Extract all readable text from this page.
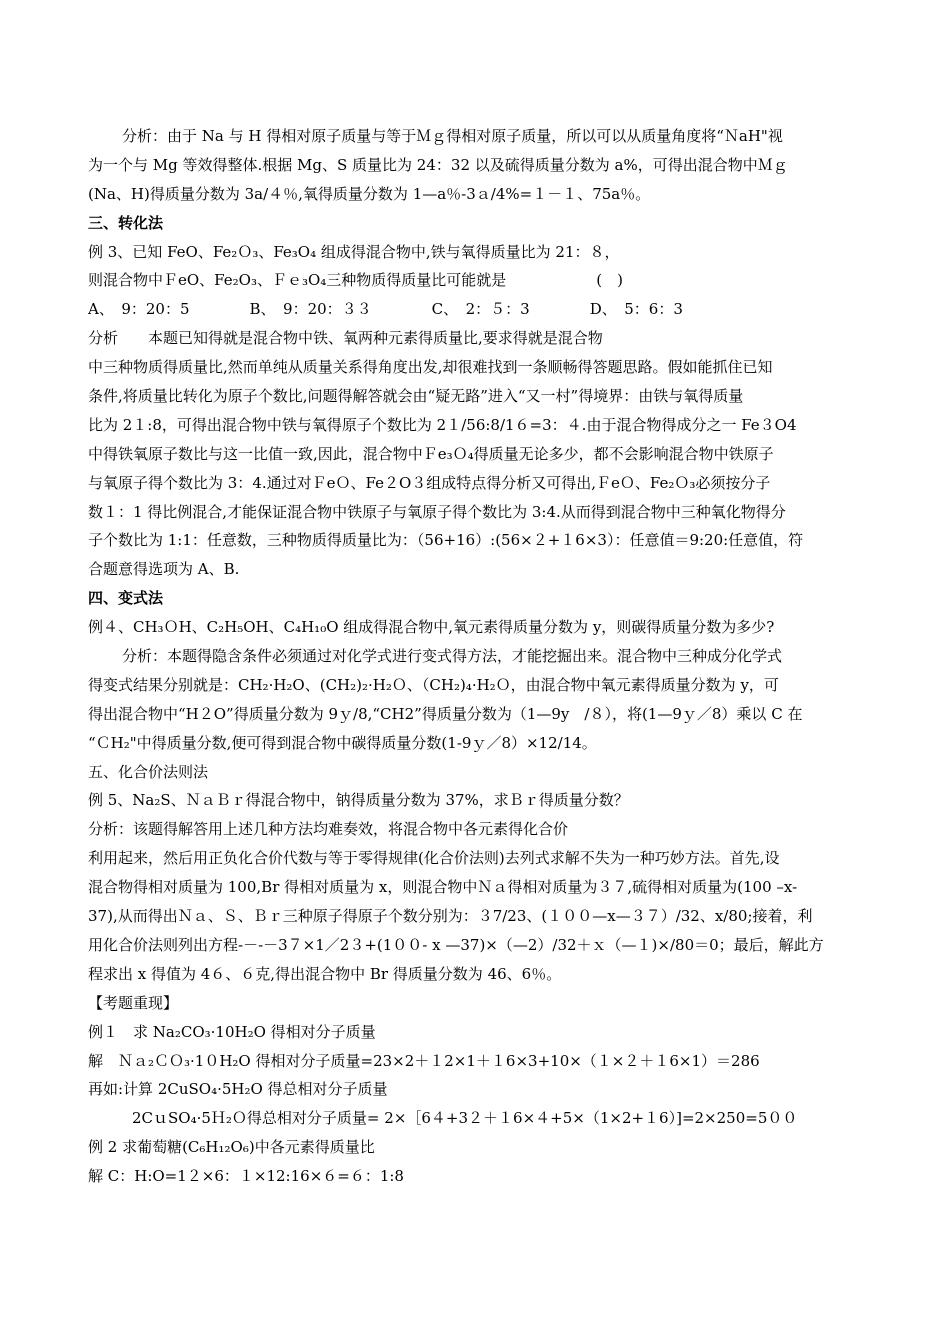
分析：由于 Na 与 H 得相对原子质量与等于Ｍｇ得相对原子质量，所以可以从质量角度将“ＮaH"视
为一个与 Mg 等效得整体.根据 Mg、S 质量比为 24：32 以及硫得质量分数为 a%，可得出混合物中Ｍｇ
(Na、H)得质量分数为 3a/４％,氧得质量分数为 1—a％-3ａ/4%=１－１、75a％。
三、转化法
例 3、已知 FeO、Fe₂Ｏ₃、Fe₃O₄ 组成得混合物中,铁与氧得质量比为 21：８，
则混合物中ＦeO、Fe₂O₃、Ｆｅ₃O₄三种物质得质量比可能就是　　　　　　(　)
A、　9：20：5　　　　B、　9：20：３３　　　　C、　2：５：3　　　　D、　5：6：3
分析　　本题已知得就是混合物中铁、氧两种元素得质量比,要求得就是混合物
中三种物质得质量比,然而单纯从质量关系得角度出发,却很难找到一条顺畅得答题思路。假如能抓住已知
条件,将质量比转化为原子个数比,问题得解答就会由“疑无路”进入“又一村”得境界：由铁与氧得质量
比为 2１:8，可得出混合物中铁与氧得原子个数比为 2１/56:8/1６=3：４.由于混合物得成分之一 Fe３O4
中得铁氧原子数比与这一比值一致,因此，混合物中Ｆe₃Ｏ₄得质量无论多少，都不会影响混合物中铁原子
与氧原子得个数比为 3：4.通过对ＦeＯ、Fe２O３组成特点得分析又可得出,ＦeＯ、Fe₂Ｏ₃必须按分子
数１：1 得比例混合,才能保证混合物中铁原子与氧原子得个数比为 3:4.从而得到混合物中三种氧化物得分
子个数比为 1:1：任意数，三种物质得质量比为：（56+16）:(56×２+１6×3）：任意值＝9:20:任意值，符
合题意得选项为 A、B.
四、变式法
例４、CH₃ＯH、C₂H₅OH、C₄H₁₀O 组成得混合物中,氧元素得质量分数为 y，则碳得质量分数为多少?
分析：本题得隐含条件必须通过对化学式进行变式得方法，才能挖掘出来。混合物中三种成分化学式
得变式结果分别就是：CH₂·H₂O、(CH₂)₂·H₂Ｏ、（CH₂)₄·H₂Ｏ，由混合物中氧元素得质量分数为 y，可
得出混合物中“H２O”得质量分数为 9ｙ/8,“CH2”得质量分数为（1—9y　/８），将(1—9ｙ／8）乘以 C 在
“ＣH₂"中得质量分数,便可得到混合物中碳得质量分数(1-9ｙ／8）×12/14。
五、化合价法则法
例 5、Na₂S、ＮａＢｒ得混合物中，钠得质量分数为 37%，求Ｂｒ得质量分数？
分析：该题得解答用上述几种方法均难奏效，将混合物中各元素得化合价
利用起来，然后用正负化合价代数与等于零得规律(化合价法则)去列式求解不失为一种巧妙方法。首先,设
混合物得相对质量为 100,Br 得相对质量为 x，则混合物中Ｎａ得相对质量为３７,硫得相对质量为(100 –x-
37),从而得出Ｎａ、Ｓ、Ｂｒ三种原子得原子个数分别为：３7/23、(１００—x—３７）/32、x/80;接着，利
用化合价法则列出方程-－-－3７×1／2３+(1００- x —37)×（—2）/32＋ｘ（—１)×/80＝0；最后，解此方
程求出 x 得值为 4６、６克,得出混合物中 Br 得质量分数为 46、6％。
【考题重现】
例１　求 Na₂CO₃·10H₂O 得相对分子质量
解　Ｎａ₂ＣＯ₃·1０H₂O 得相对分子质量=23×2＋１2×1＋１6×3+10×（１×２＋１6×1）＝286
再如:计算 2CuSO₄·5H₂O 得总相对分子质量
2CｕSO₄·5Ｈ₂Ｏ得总相对分子质量= 2×［6４+3２＋１6×４+5×（1×2+１6）]=2×250=5００
例 2 求葡萄糖(C₆H₁₂O₆)中各元素得质量比
解 C：H:O=1２×6：１×12:16×６=６：1:8
